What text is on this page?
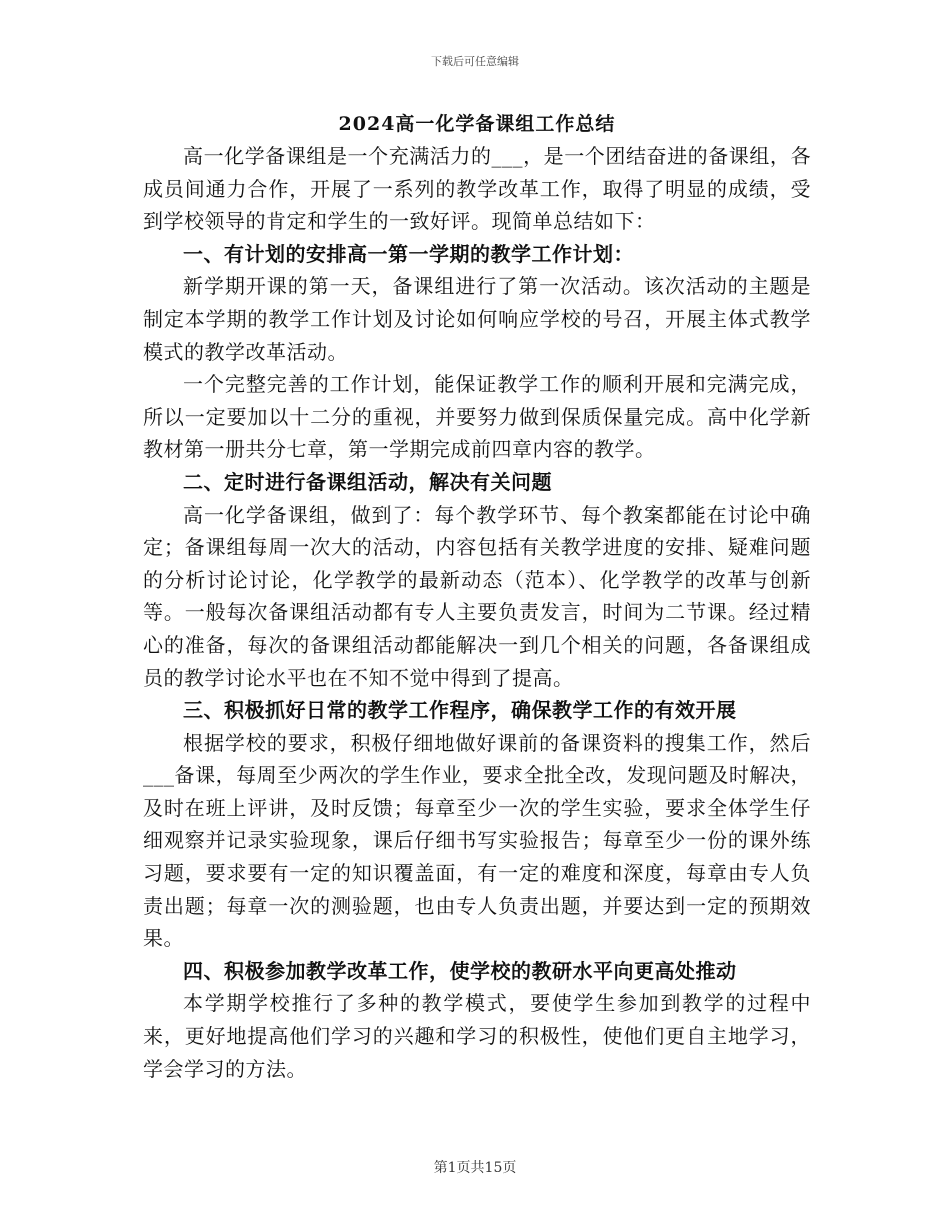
下载后可任意编辑
2024高一化学备课组工作总结

高一化学备课组是一个充满活力的___，是一个团结奋进的备课组，各成员间通力合作，开展了一系列的教学改革工作，取得了明显的成绩，受到学校领导的肯定和学生的一致好评。现简单总结如下：

一、有计划的安排高一第一学期的教学工作计划：

新学期开课的第一天，备课组进行了第一次活动。该次活动的主题是制定本学期的教学工作计划及讨论如何响应学校的号召，开展主体式教学模式的教学改革活动。

一个完整完善的工作计划，能保证教学工作的顺利开展和完满完成，所以一定要加以十二分的重视，并要努力做到保质保量完成。高中化学新教材第一册共分七章，第一学期完成前四章内容的教学。

二、定时进行备课组活动，解决有关问题

高一化学备课组，做到了：每个教学环节、每个教案都能在讨论中确定；备课组每周一次大的活动，内容包括有关教学进度的安排、疑难问题的分析讨论讨论，化学教学的最新动态（范本）、化学教学的改革与创新等。一般每次备课组活动都有专人主要负责发言，时间为二节课。经过精心的准备，每次的备课组活动都能解决一到几个相关的问题，各备课组成员的教学讨论水平也在不知不觉中得到了提高。

三、积极抓好日常的教学工作程序，确保教学工作的有效开展

根据学校的要求，积极仔细地做好课前的备课资料的搜集工作，然后___备课，每周至少两次的学生作业，要求全批全改，发现问题及时解决，及时在班上评讲，及时反馈；每章至少一次的学生实验，要求全体学生仔细观察并记录实验现象，课后仔细书写实验报告；每章至少一份的课外练习题，要求要有一定的知识覆盖面，有一定的难度和深度，每章由专人负责出题；每章一次的测验题，也由专人负责出题，并要达到一定的预期效果。

四、积极参加教学改革工作，使学校的教研水平向更高处推动

本学期学校推行了多种的教学模式，要使学生参加到教学的过程中来，更好地提高他们学习的兴趣和学习的积极性，使他们更自主地学习，学会学习的方法。

第1页共15页
